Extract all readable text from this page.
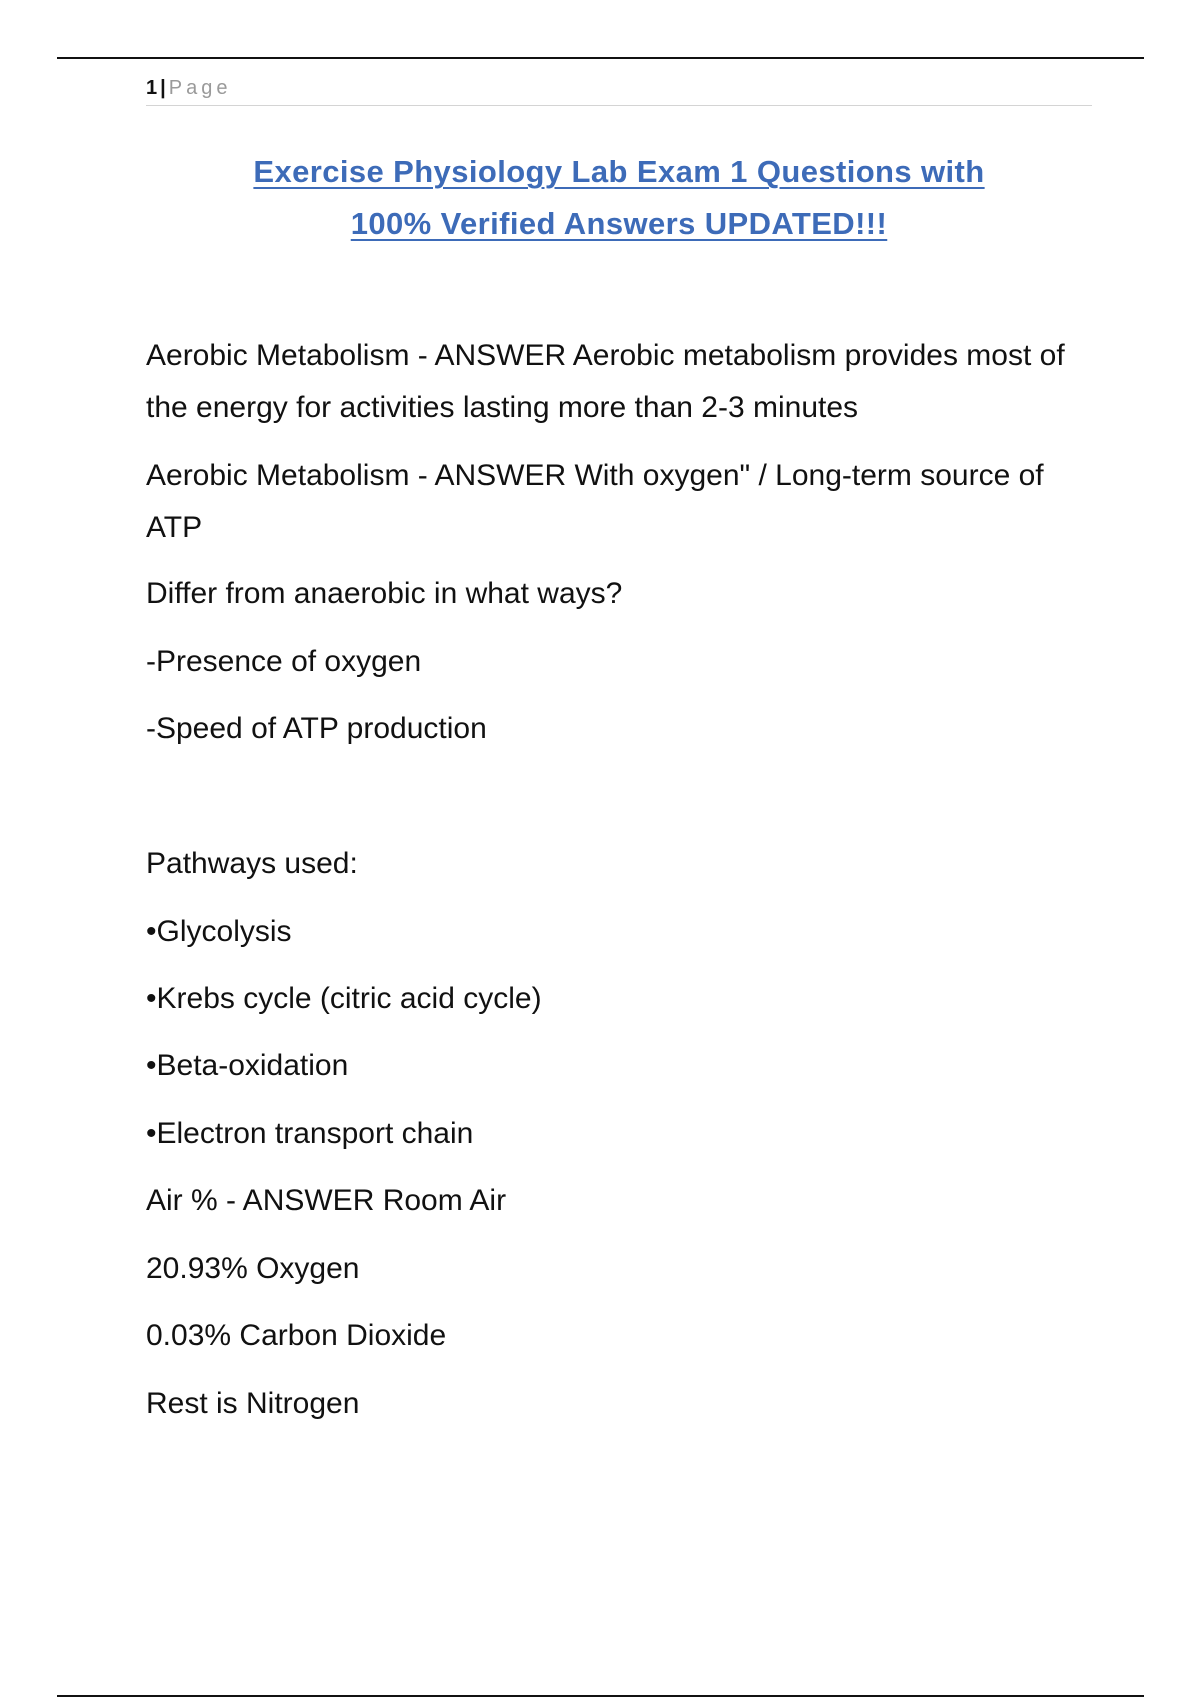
1 | Page
Exercise Physiology Lab Exam 1 Questions with
100% Verified Answers UPDATED!!!
Aerobic Metabolism - ANSWER Aerobic metabolism provides most of the energy for activities lasting more than 2-3 minutes
Aerobic Metabolism - ANSWER With oxygen" / Long-term source of ATP
Differ from anaerobic in what ways?
-Presence of oxygen
-Speed of ATP production
Pathways used:
•Glycolysis
•Krebs cycle (citric acid cycle)
•Beta-oxidation
•Electron transport chain
Air % - ANSWER Room Air
20.93% Oxygen
0.03% Carbon Dioxide
Rest is Nitrogen
